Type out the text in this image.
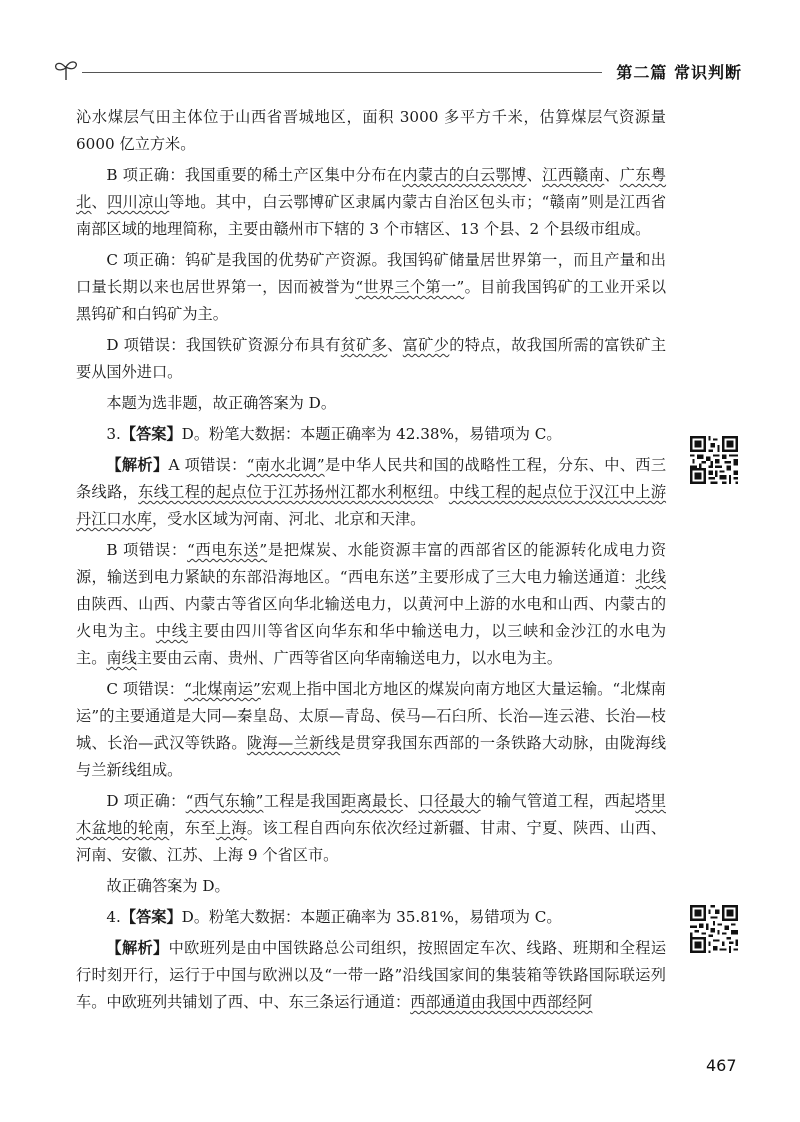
第二篇 常识判断

沁水煤层气田主体位于山西省晋城地区，面积 3000 多平方千米，估算煤层气资源量 6000 亿立方米。

B 项正确：我国重要的稀土产区集中分布在内蒙古的白云鄂博、江西赣南、广东粤北、四川凉山等地。其中，白云鄂博矿区隶属内蒙古自治区包头市；“赣南”则是江西省南部区域的地理简称，主要由赣州市下辖的 3 个市辖区、13 个县、2 个县级市组成。

C 项正确：钨矿是我国的优势矿产资源。我国钨矿储量居世界第一，而且产量和出口量长期以来也居世界第一，因而被誉为“世界三个第一”。目前我国钨矿的工业开采以黑钨矿和白钨矿为主。

D 项错误：我国铁矿资源分布具有贫矿多、富矿少的特点，故我国所需的富铁矿主要从国外进口。

本题为选非题，故正确答案为 D。

3.【答案】D。粉笔大数据：本题正确率为 42.38%，易错项为 C。

【解析】A 项错误：“南水北调”是中华人民共和国的战略性工程，分东、中、西三条线路，东线工程的起点位于江苏扬州江都水利枢纽。中线工程的起点位于汉江中上游丹江口水库，受水区域为河南、河北、北京和天津。

B 项错误：“西电东送”是把煤炭、水能资源丰富的西部省区的能源转化成电力资源，输送到电力紧缺的东部沿海地区。“西电东送”主要形成了三大电力输送通道：北线由陕西、山西、内蒙古等省区向华北输送电力，以黄河中上游的水电和山西、内蒙古的火电为主。中线主要由四川等省区向华东和华中输送电力，以三峡和金沙江的水电为主。南线主要由云南、贵州、广西等省区向华南输送电力，以水电为主。

C 项错误：“北煤南运”宏观上指中国北方地区的煤炭向南方地区大量运输。“北煤南运”的主要通道是大同—秦皇岛、太原—青岛、侯马—石臼所、长治—连云港、长治—枝城、长治—武汉等铁路。陇海—兰新线是贯穿我国东西部的一条铁路大动脉，由陇海线与兰新线组成。

D 项正确：“西气东输”工程是我国距离最长、口径最大的输气管道工程，西起塔里木盆地的轮南，东至上海。该工程自西向东依次经过新疆、甘肃、宁夏、陕西、山西、河南、安徽、江苏、上海 9 个省区市。

故正确答案为 D。

4.【答案】D。粉笔大数据：本题正确率为 35.81%，易错项为 C。

【解析】中欧班列是由中国铁路总公司组织，按照固定车次、线路、班期和全程运行时刻开行，运行于中国与欧洲以及“一带一路”沿线国家间的集装箱等铁路国际联运列车。中欧班列共铺划了西、中、东三条运行通道：西部通道由我国中西部经阿

467
